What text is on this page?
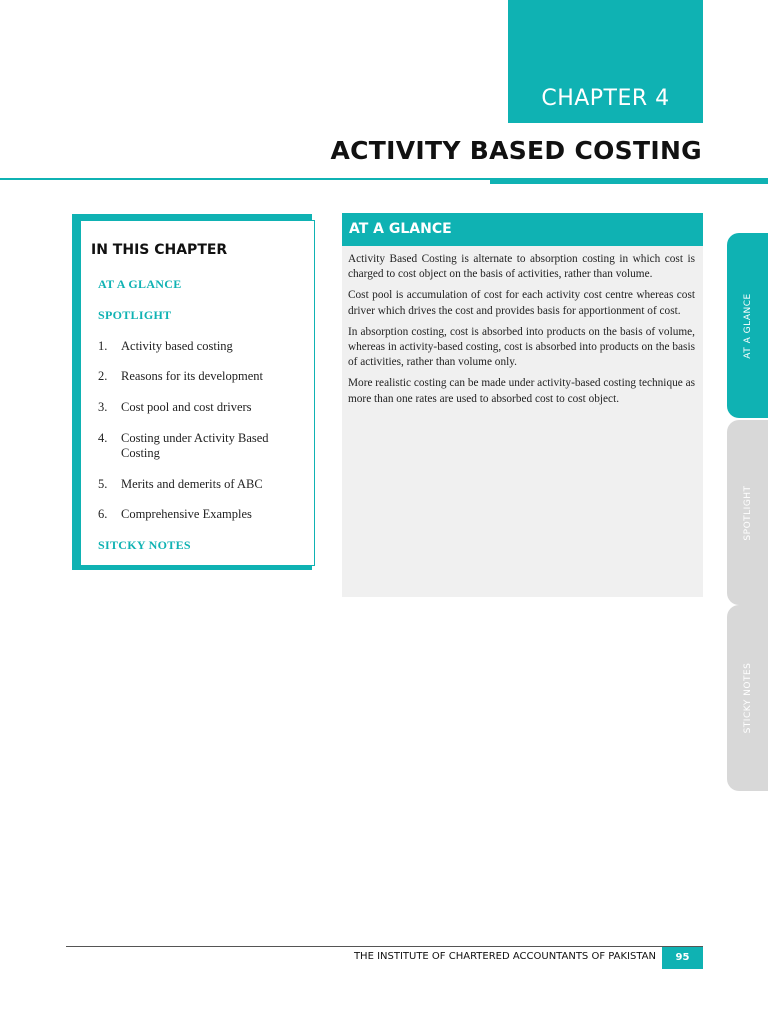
CHAPTER 4
ACTIVITY BASED COSTING
IN THIS CHAPTER
AT A GLANCE
SPOTLIGHT
1. Activity based costing
2. Reasons for its development
3. Cost pool and cost drivers
4. Costing under Activity Based Costing
5. Merits and demerits of ABC
6. Comprehensive Examples
SITCKY NOTES
AT A GLANCE

Activity Based Costing is alternate to absorption costing in which cost is charged to cost object on the basis of activities, rather than volume.

Cost pool is accumulation of cost for each activity cost centre whereas cost driver which drives the cost and provides basis for apportionment of cost.

In absorption costing, cost is absorbed into products on the basis of volume, whereas in activity-based costing, cost is absorbed into products on the basis of activities, rather than volume only.

More realistic costing can be made under activity-based costing technique as more than one rates are used to absorbed cost to cost object.

AT A GLANCE
SPOTLIGHT
STICKY NOTES
THE INSTITUTE OF CHARTERED ACCOUNTANTS OF PAKISTAN	95
